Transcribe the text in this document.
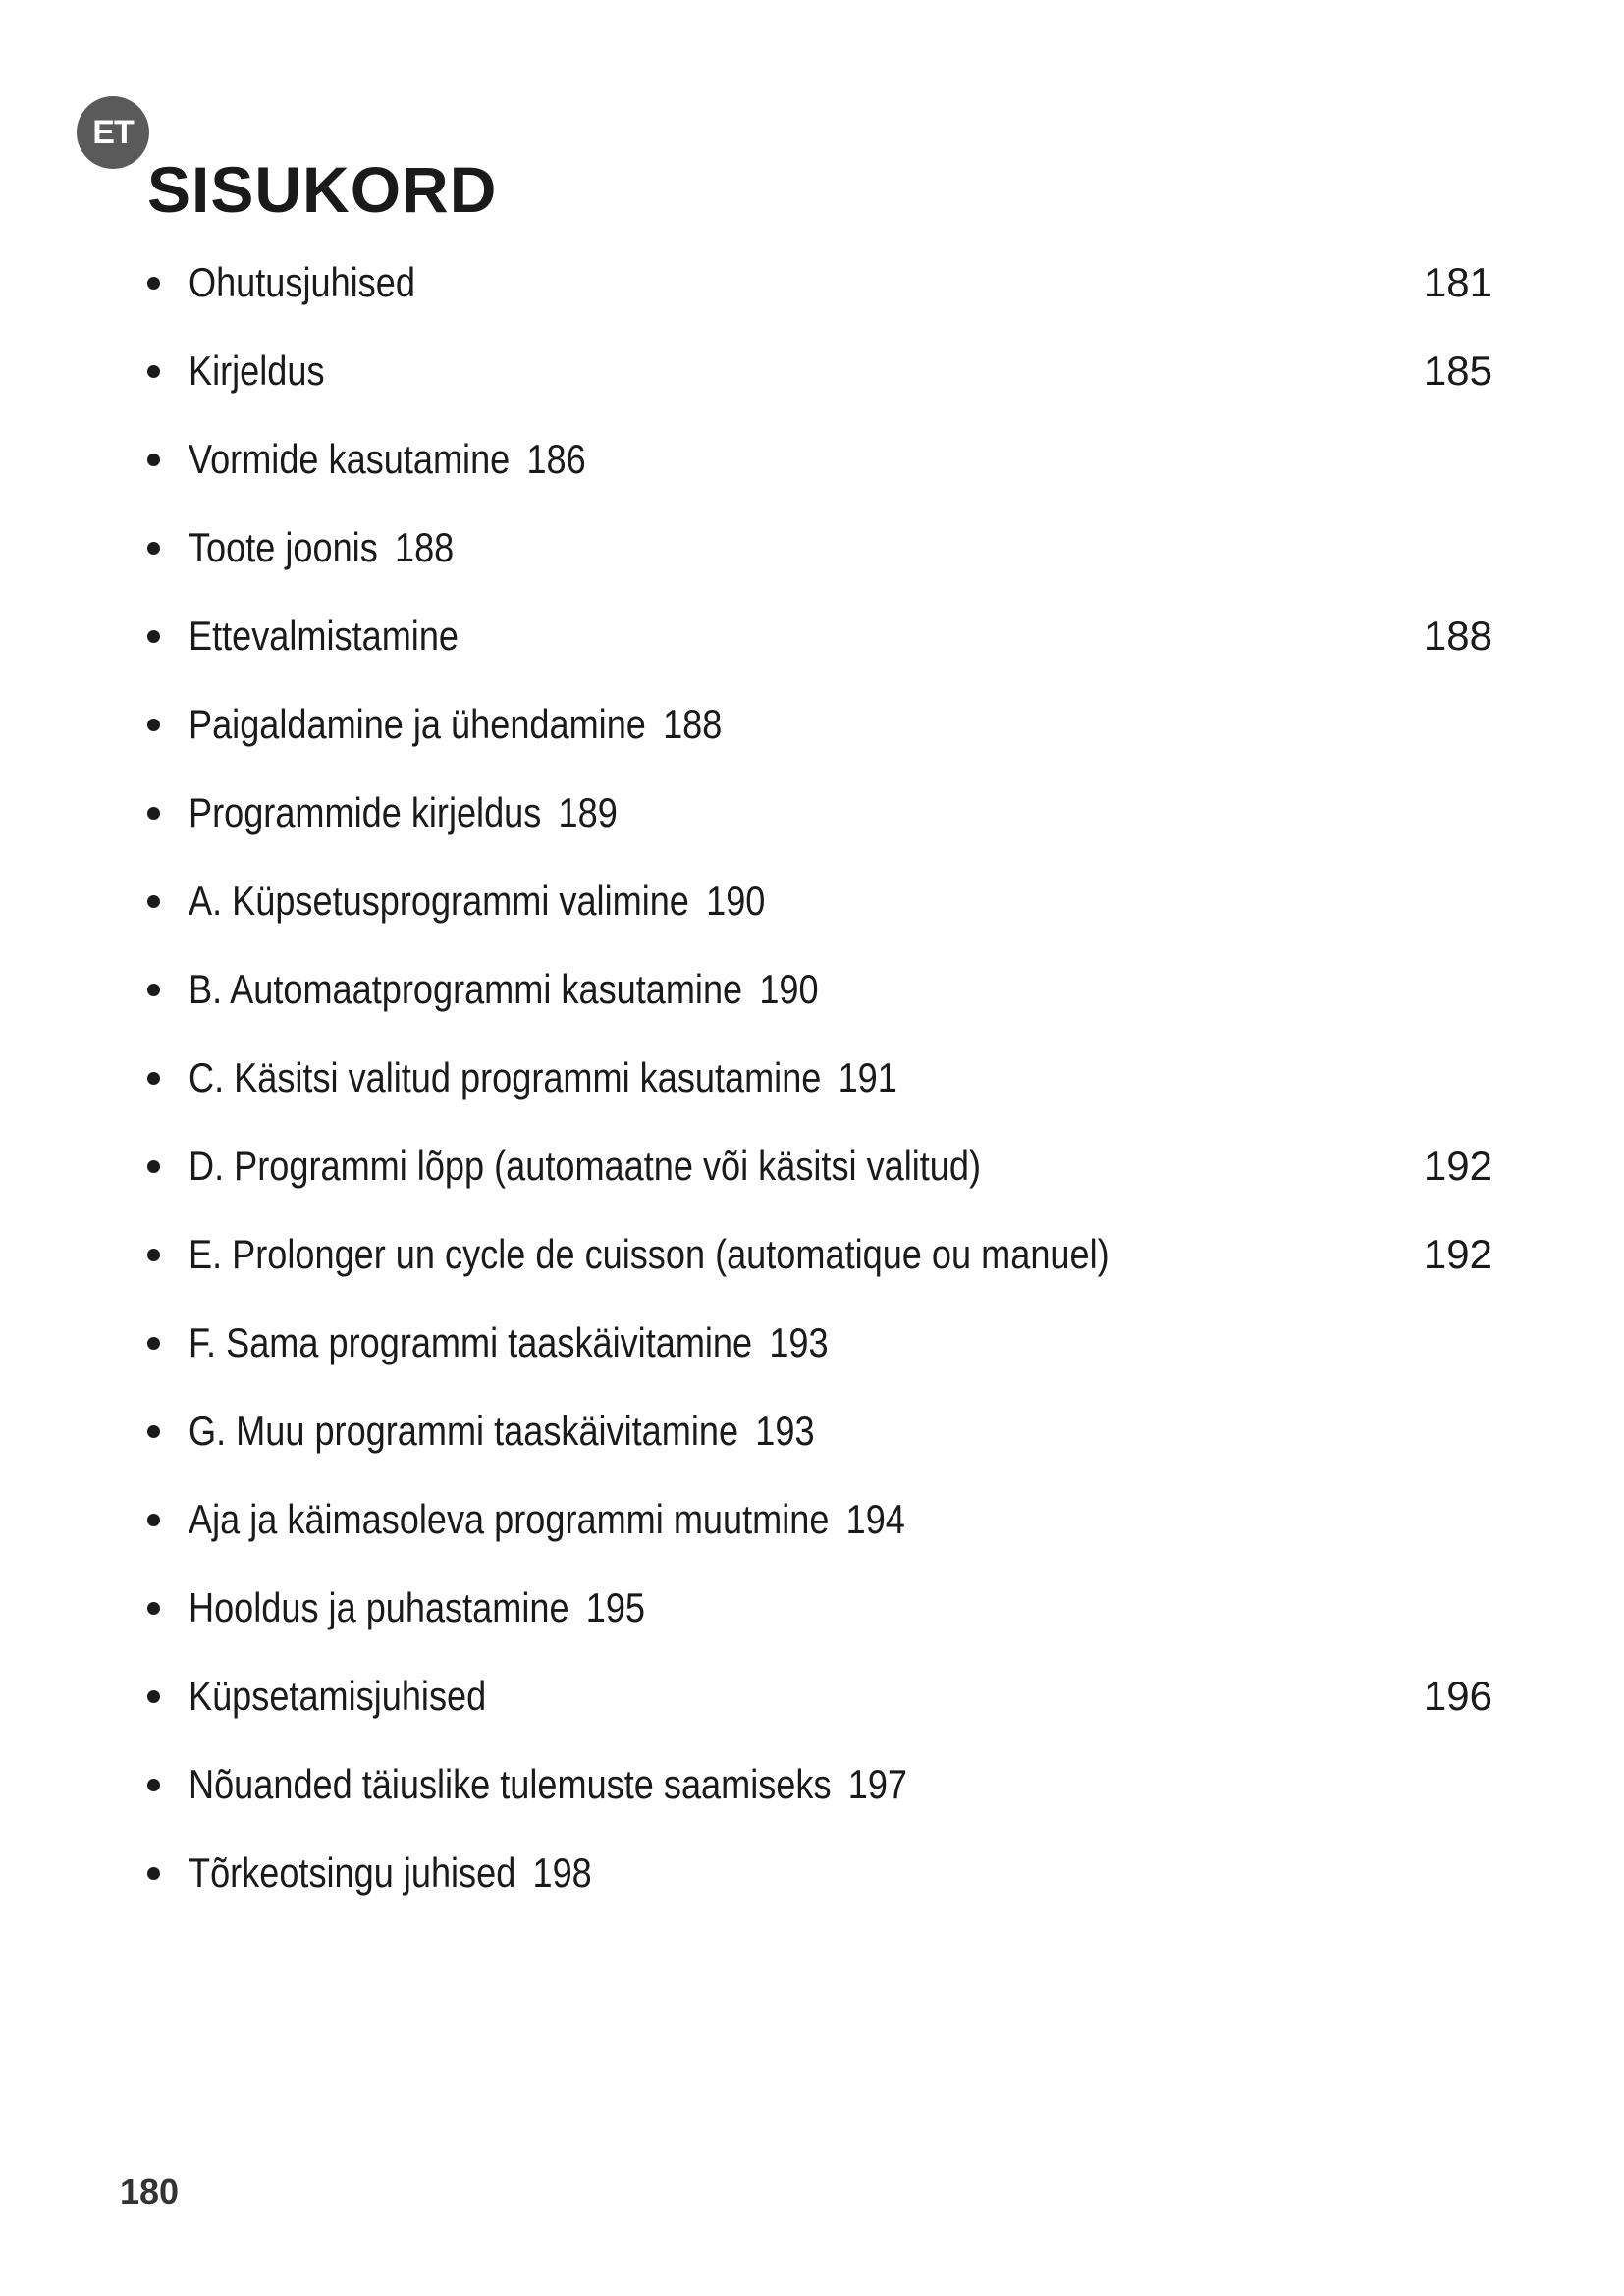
ET
SISUKORD
Ohutusjuhised	181
Kirjeldus	185
Vormide kasutamine 186
Toote joonis 188
Ettevalmistamine	188
Paigaldamine ja ühendamine 188
Programmide kirjeldus 189
A. Küpsetusprogrammi valimine 190
B. Automaatprogrammi kasutamine 190
C. Käsitsi valitud programmi kasutamine 191
D. Programmi lõpp (automaatne või käsitsi valitud)	192
E. Prolonger un cycle de cuisson (automatique ou manuel)	192
F. Sama programmi taaskäivitamine 193
G. Muu programmi taaskäivitamine 193
Aja ja käimasoleva programmi muutmine 194
Hooldus ja puhastamine 195
Küpsetamisjuhised	196
Nõuanded täiuslike tulemuste saamiseks 197
Tõrkeotsingu juhised 198
180
